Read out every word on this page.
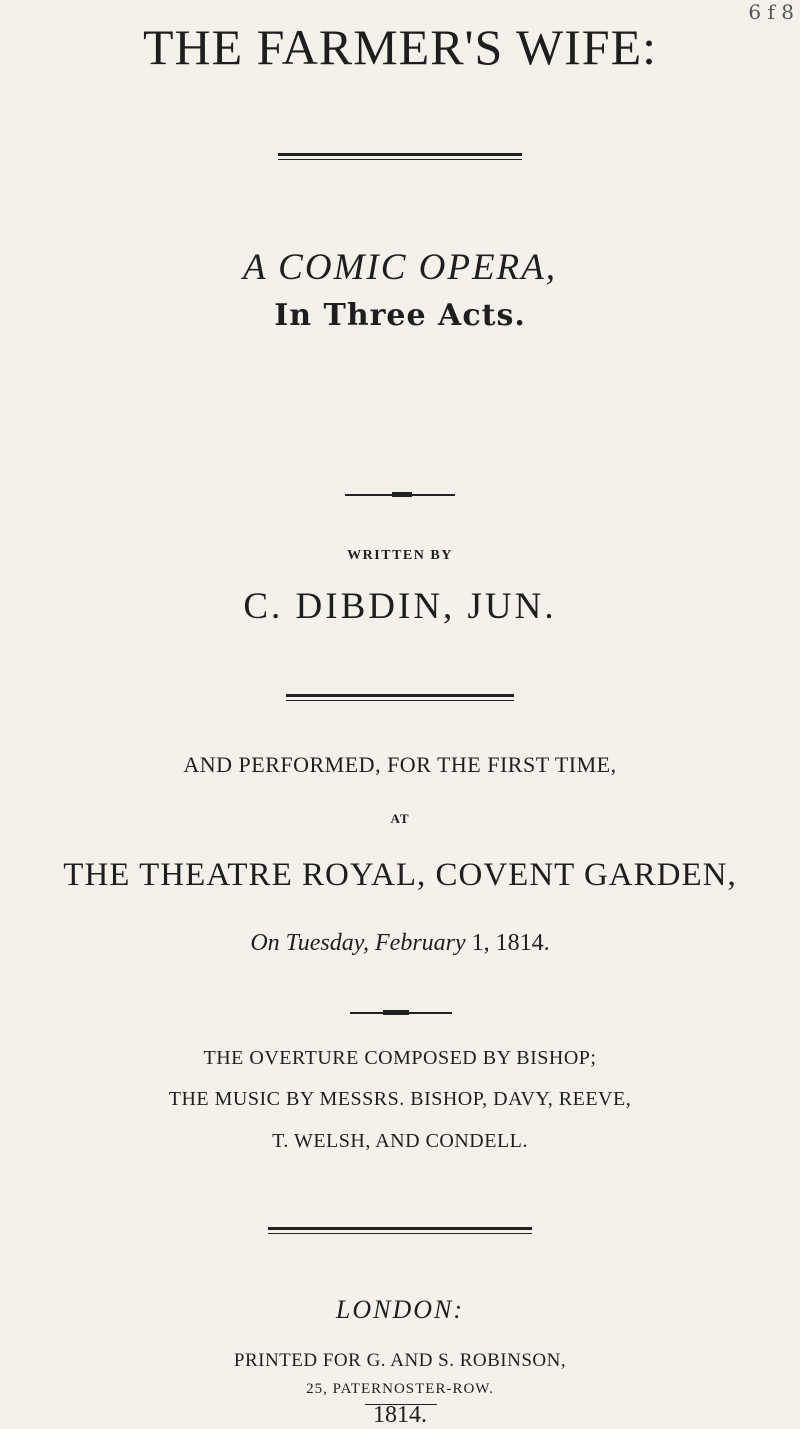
6 f 8
THE FARMER'S WIFE:
A COMIC OPERA,
In Three Acts.
WRITTEN BY
C. DIBDIN, JUN.
AND PERFORMED, FOR THE FIRST TIME,
AT
THE THEATRE ROYAL, COVENT GARDEN,
On Tuesday, February 1, 1814.
THE OVERTURE COMPOSED BY BISHOP;
THE MUSIC BY MESSRS. BISHOP, DAVY, REEVE,
T. WELSH, AND CONDELL.
LONDON:
PRINTED FOR G. AND S. ROBINSON,
25, PATERNOSTER-ROW.
1814.
